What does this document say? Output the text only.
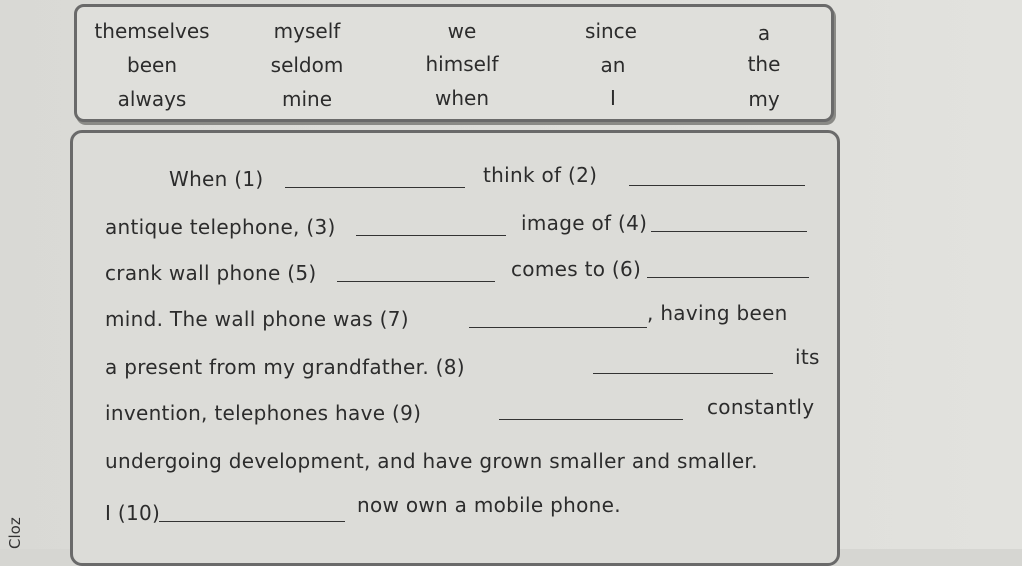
themselves	myself	we	since	a
been	seldom	himself	an	the
always	mine	when	I	my
When (1)	think of (2)
antique telephone, (3)	image of (4)
crank wall phone (5)	comes to (6)
mind. The wall phone was (7)	, having been
a present from my grandfather. (8)	its
invention, telephones have (9)	constantly
undergoing development, and have grown smaller and smaller.
I (10)	now own a mobile phone.
Cloz
